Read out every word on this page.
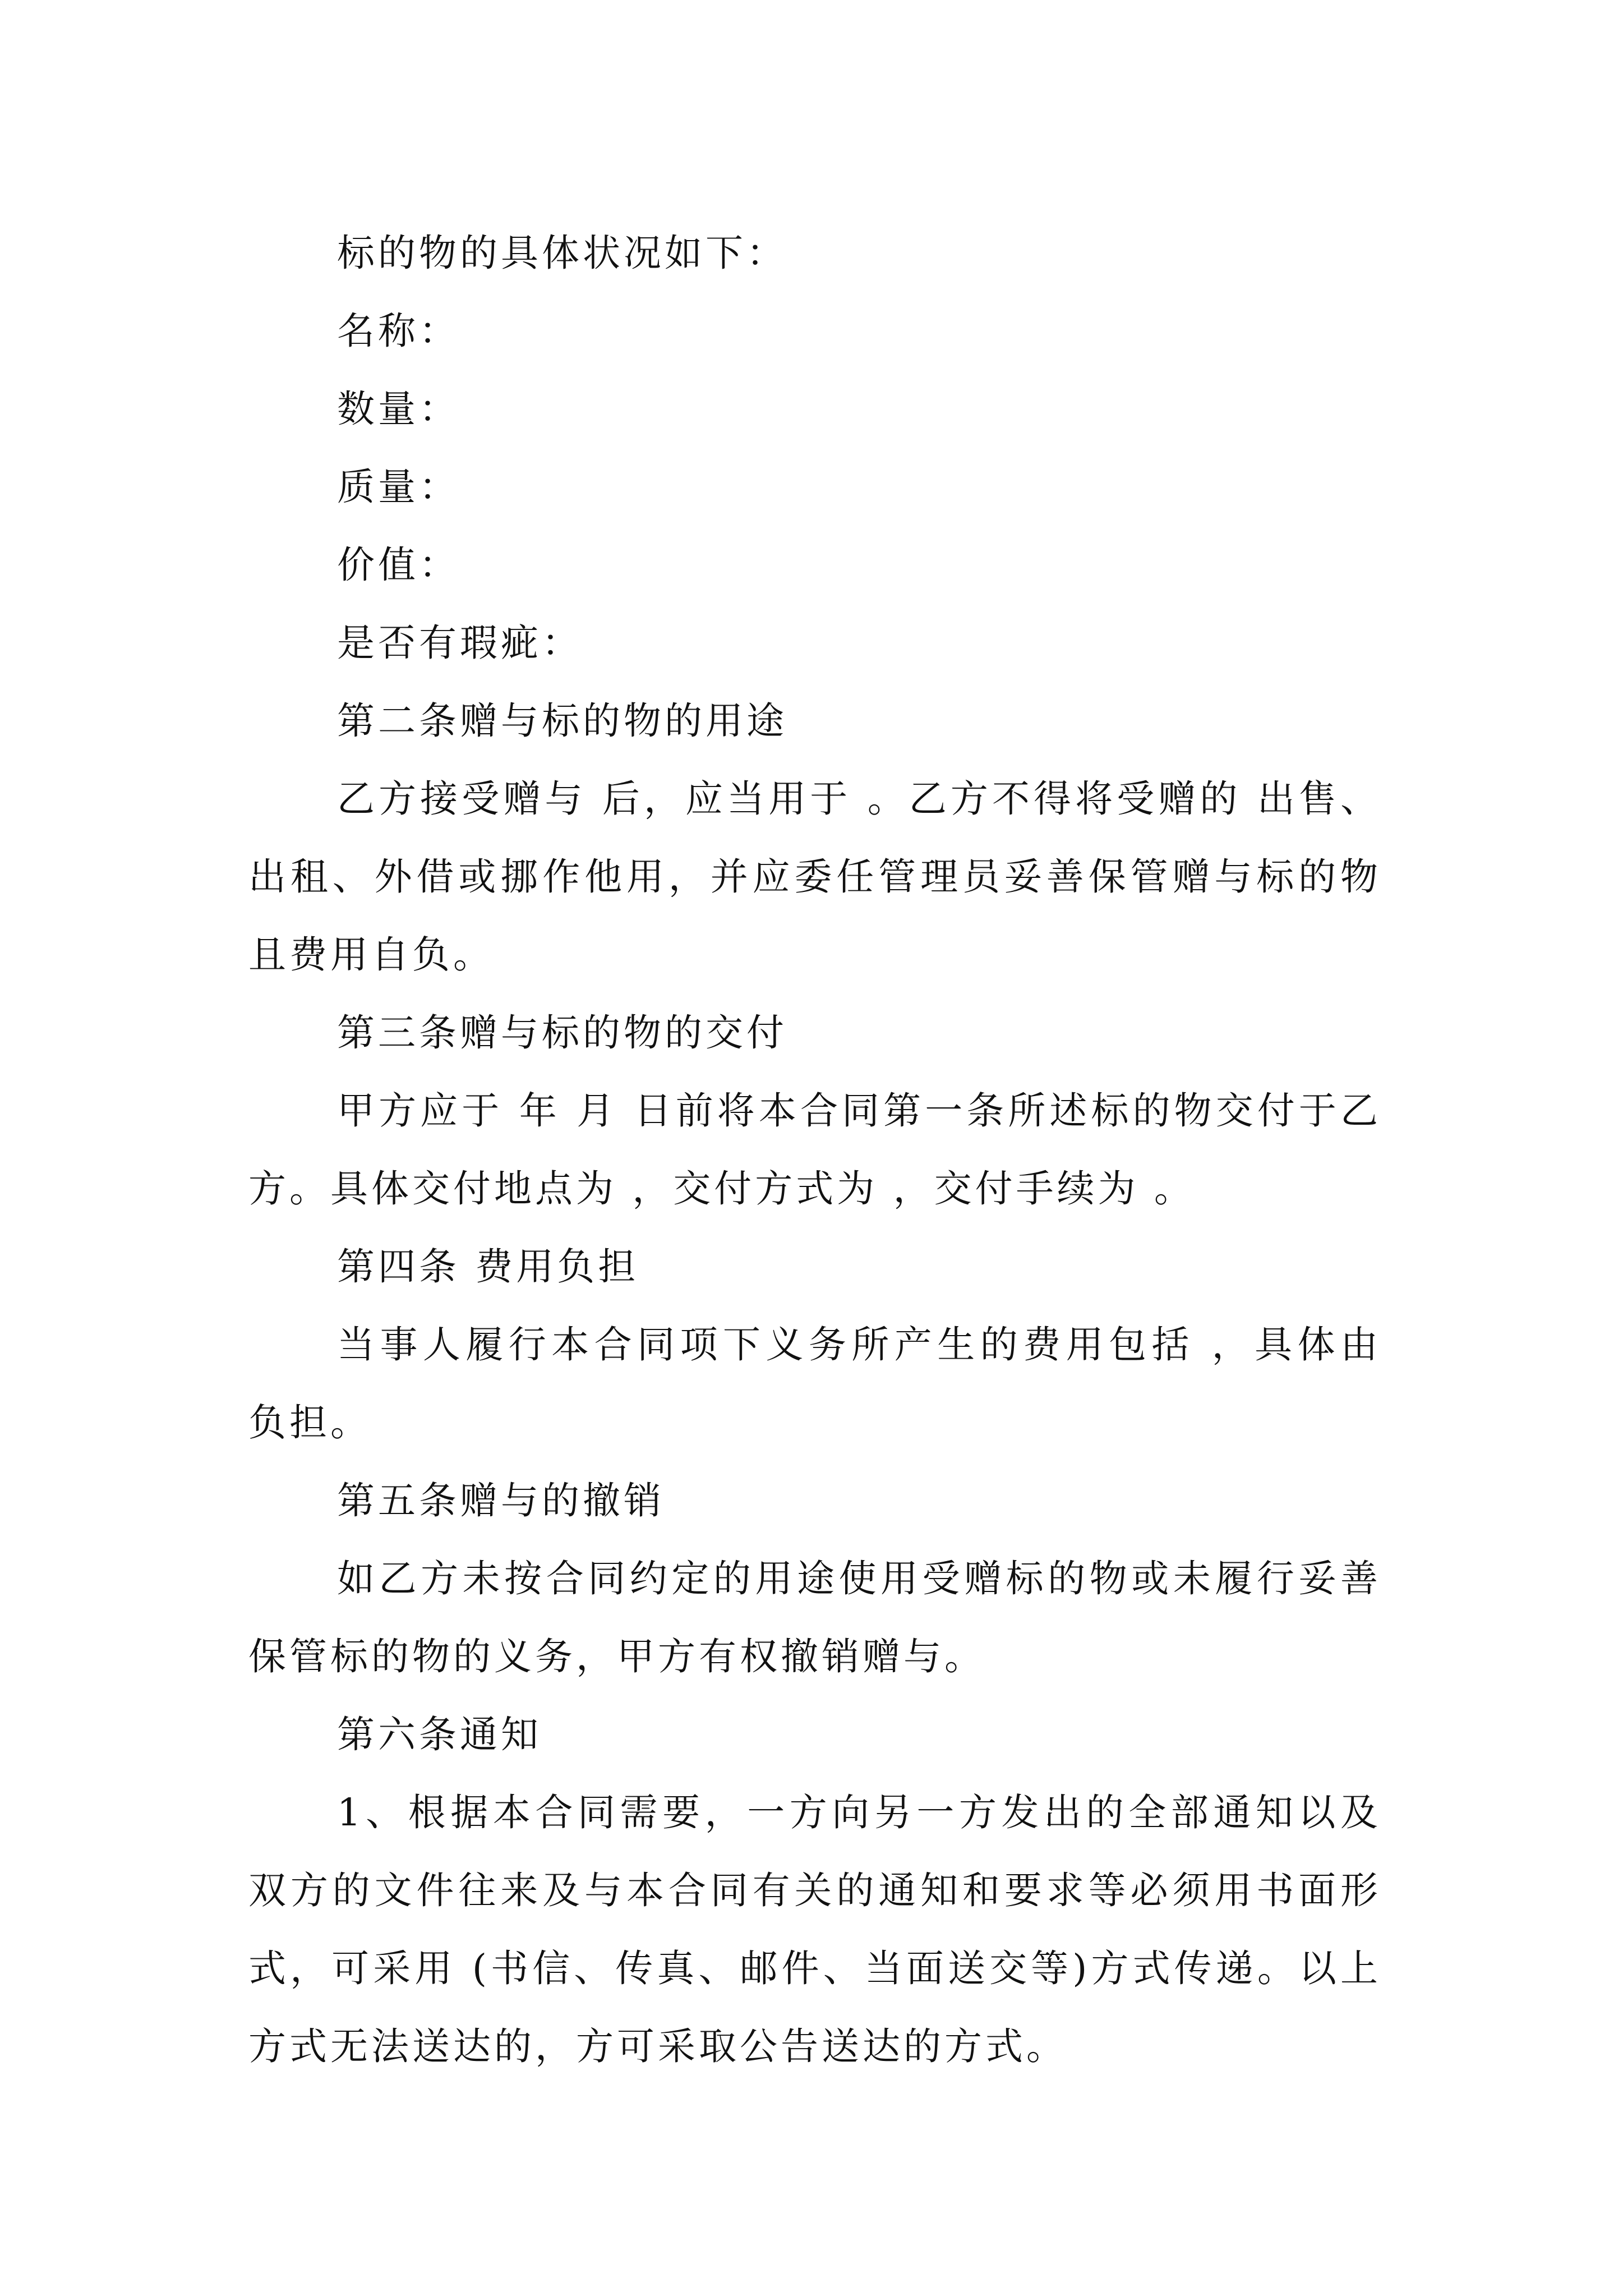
标的物的具体状况如下：

名称：

数量：

质量：

价值：

是否有瑕疵：

第二条赠与标的物的用途

乙方接受赠与 后，应当用于 。乙方不得将受赠的 出售、出租、外借或挪作他用，并应委任管理员妥善保管赠与标的物且费用自负。

第三条赠与标的物的交付

甲方应于 年 月 日前将本合同第一条所述标的物交付于乙方。具体交付地点为 ，交付方式为 ，交付手续为 。

第四条 费用负担

当事人履行本合同项下义务所产生的费用包括 ，具体由 负担。

第五条赠与的撤销

如乙方未按合同约定的用途使用受赠标的物或未履行妥善保管标的物的义务，甲方有权撤销赠与。

第六条通知

1、根据本合同需要，一方向另一方发出的全部通知以及双方的文件往来及与本合同有关的通知和要求等必须用书面形式，可采用 (书信、传真、邮件、当面送交等)方式传递。以上方式无法送达的，方可采取公告送达的方式。
